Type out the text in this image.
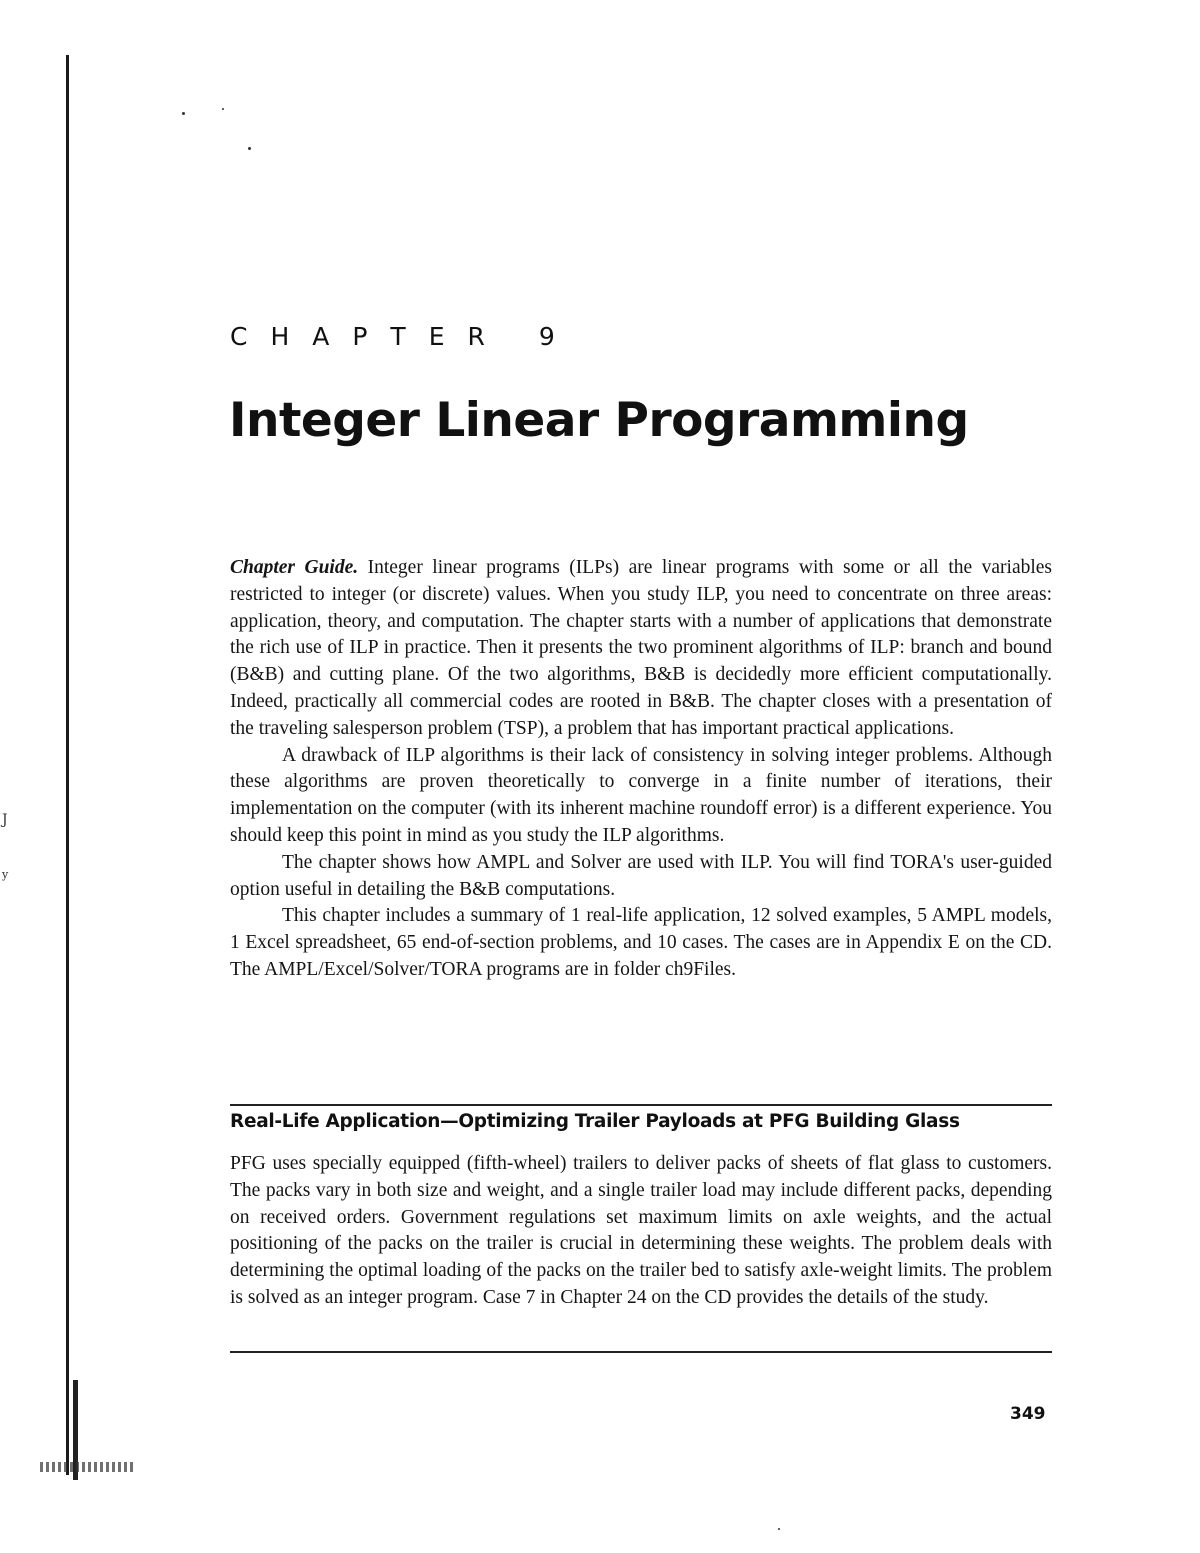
J
y
CHAPTER 9
Integer Linear Programming

Chapter Guide. Integer linear programs (ILPs) are linear programs with some or all the variables restricted to integer (or discrete) values. When you study ILP, you need to concentrate on three areas: application, theory, and computation. The chapter starts with a number of applications that demonstrate the rich use of ILP in practice. Then it presents the two prominent algorithms of ILP: branch and bound (B&B) and cutting plane. Of the two algorithms, B&B is decidedly more efficient computationally. Indeed, practically all commercial codes are rooted in B&B. The chapter closes with a presentation of the traveling salesperson problem (TSP), a problem that has important practical applications.

A drawback of ILP algorithms is their lack of consistency in solving integer problems. Although these algorithms are proven theoretically to converge in a finite number of iterations, their implementation on the computer (with its inherent machine roundoff error) is a different experience. You should keep this point in mind as you study the ILP algorithms.

The chapter shows how AMPL and Solver are used with ILP. You will find TORA's user-guided option useful in detailing the B&B computations.

This chapter includes a summary of 1 real-life application, 12 solved examples, 5 AMPL models, 1 Excel spreadsheet, 65 end-of-section problems, and 10 cases. The cases are in Appendix E on the CD. The AMPL/Excel/Solver/TORA programs are in folder ch9Files.

Real-Life Application—Optimizing Trailer Payloads at PFG Building Glass

PFG uses specially equipped (fifth-wheel) trailers to deliver packs of sheets of flat glass to customers. The packs vary in both size and weight, and a single trailer load may include different packs, depending on received orders. Government regulations set maximum limits on axle weights, and the actual positioning of the packs on the trailer is crucial in determining these weights. The problem deals with determining the optimal loading of the packs on the trailer bed to satisfy axle-weight limits. The problem is solved as an integer program. Case 7 in Chapter 24 on the CD provides the details of the study.

349
